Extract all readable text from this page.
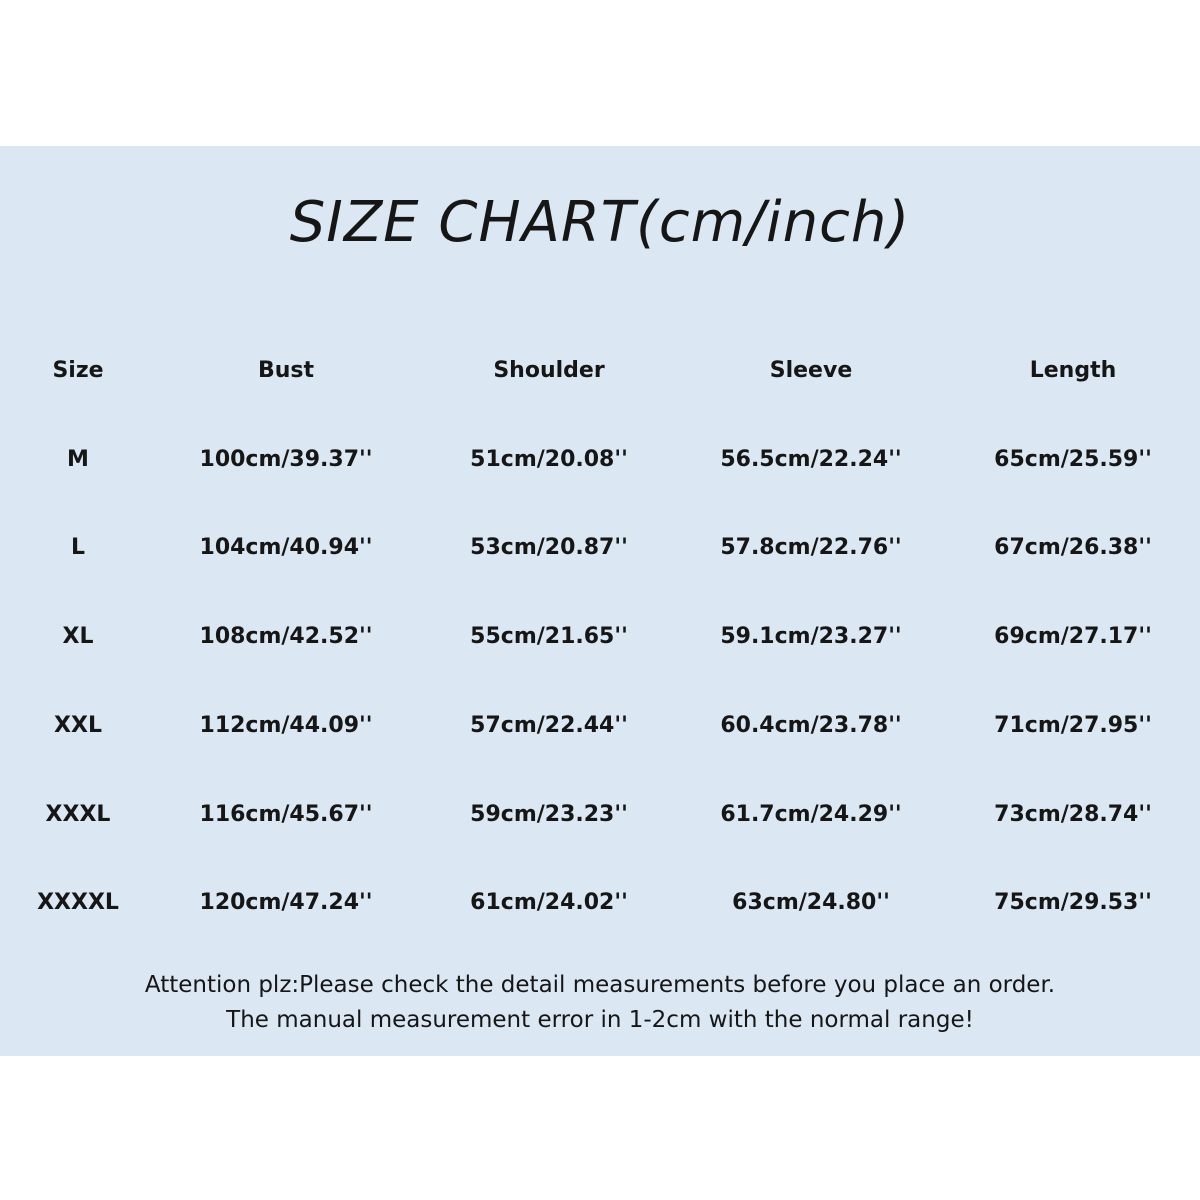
SIZE CHART(cm/inch)
Size	Bust	Shoulder	Sleeve	Length
M	100cm/39.37''	51cm/20.08''	56.5cm/22.24''	65cm/25.59''
L	104cm/40.94''	53cm/20.87''	57.8cm/22.76''	67cm/26.38''
XL	108cm/42.52''	55cm/21.65''	59.1cm/23.27''	69cm/27.17''
XXL	112cm/44.09''	57cm/22.44''	60.4cm/23.78''	71cm/27.95''
XXXL	116cm/45.67''	59cm/23.23''	61.7cm/24.29''	73cm/28.74''
XXXXL	120cm/47.24''	61cm/24.02''	63cm/24.80''	75cm/29.53''
Attention plz:Please check the detail measurements before you place an order.
The manual measurement error in 1-2cm with the normal range!
